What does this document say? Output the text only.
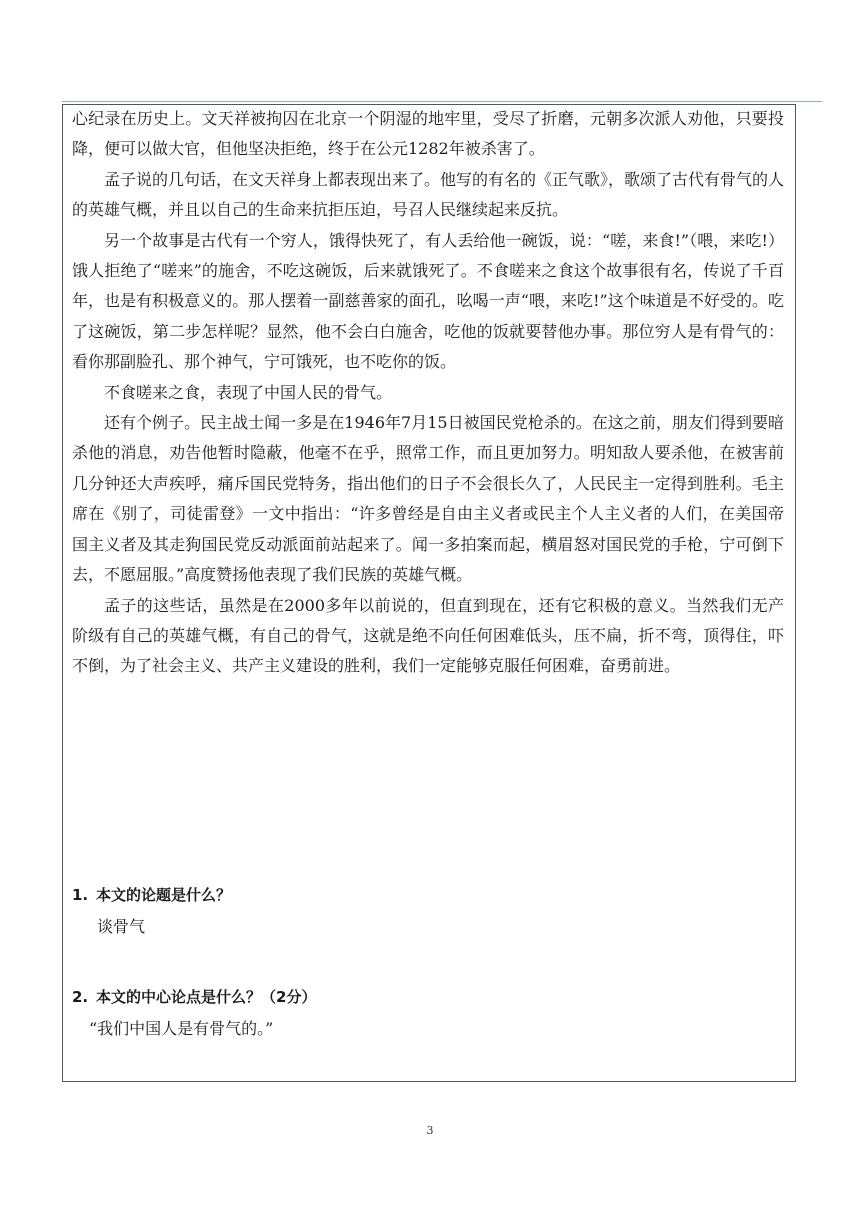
心纪录在历史上。文天祥被拘囚在北京一个阴湿的地牢里，受尽了折磨，元朝多次派人劝他，只要投降，便可以做大官，但他坚决拒绝，终于在公元1282年被杀害了。

孟子说的几句话，在文天祥身上都表现出来了。他写的有名的《正气歌》，歌颂了古代有骨气的人的英雄气概，并且以自己的生命来抗拒压迫，号召人民继续起来反抗。

另一个故事是古代有一个穷人，饿得快死了，有人丢给他一碗饭，说：“嗟，来食!”（喂，来吃!）饿人拒绝了“嗟来”的施舍，不吃这碗饭，后来就饿死了。不食嗟来之食这个故事很有名，传说了千百年，也是有积极意义的。那人摆着一副慈善家的面孔，吆喝一声“喂，来吃!”这个味道是不好受的。吃了这碗饭，第二步怎样呢？显然，他不会白白施舍，吃他的饭就要替他办事。那位穷人是有骨气的：看你那副脸孔、那个神气，宁可饿死，也不吃你的饭。

不食嗟来之食，表现了中国人民的骨气。

还有个例子。民主战士闻一多是在1946年7月15日被国民党枪杀的。在这之前，朋友们得到要暗杀他的消息，劝告他暂时隐蔽，他毫不在乎，照常工作，而且更加努力。明知敌人要杀他，在被害前几分钟还大声疾呼，痛斥国民党特务，指出他们的日子不会很长久了，人民民主一定得到胜利。毛主席在《别了，司徒雷登》一文中指出：“许多曾经是自由主义者或民主个人主义者的人们，在美国帝国主义者及其走狗国民党反动派面前站起来了。闻一多拍案而起，横眉怒对国民党的手枪，宁可倒下去，不愿屈服。”高度赞扬他表现了我们民族的英雄气概。

孟子的这些话，虽然是在2000多年以前说的，但直到现在，还有它积极的意义。当然我们无产阶级有自己的英雄气概，有自己的骨气，这就是绝不向任何困难低头，压不扁，折不弯，顶得住，吓不倒，为了社会主义、共产主义建设的胜利，我们一定能够克服任何困难，奋勇前进。

1. 本文的论题是什么？
谈骨气
2. 本文的中心论点是什么？（2分）
“我们中国人是有骨气的。”
3
